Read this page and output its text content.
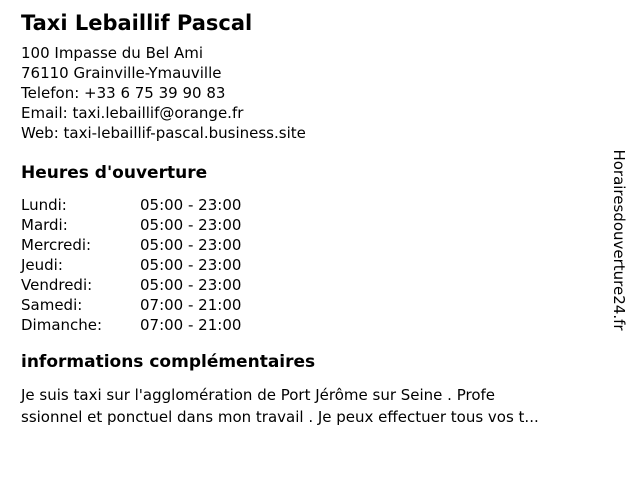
Taxi Lebaillif Pascal
100 Impasse du Bel Ami
76110 Grainville-Ymauville
Telefon: +33 6 75 39 90 83
Email: taxi.lebaillif@orange.fr
Web: taxi-lebaillif-pascal.business.site
Heures d'ouverture
Lundi:	05:00 - 23:00
Mardi:	05:00 - 23:00
Mercredi:	05:00 - 23:00
Jeudi:	05:00 - 23:00
Vendredi:	05:00 - 23:00
Samedi:	07:00 - 21:00
Dimanche:	07:00 - 21:00
informations complémentaires
Je suis taxi sur l'agglomération de Port Jérôme sur Seine . Profe
ssionnel et ponctuel dans mon travail . Je peux effectuer tous vos t...
Horairesdouverture24.fr
